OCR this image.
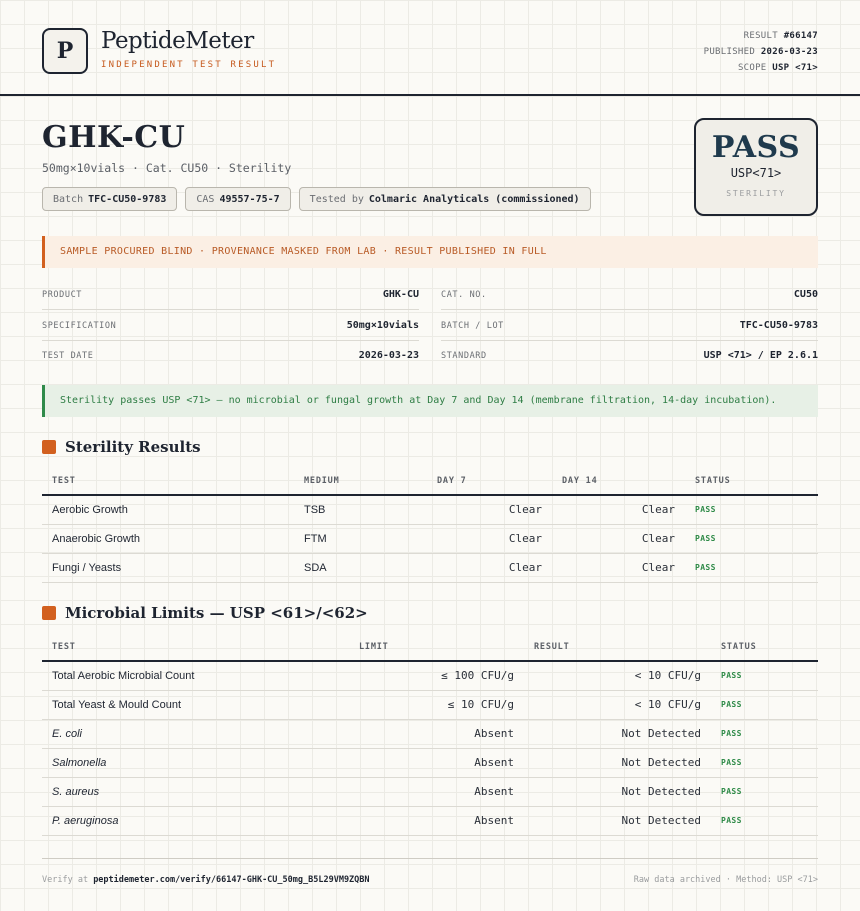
P	PeptideMeter
INDEPENDENT TEST RESULT
RESULT #66147
PUBLISHED 2026-03-23
SCOPE USP <71>
GHK-CU
50mg×10vials · Cat. CU50 · Sterility
Batch TFC-CU50-9783	CAS 49557-75-7	Tested by Colmaric Analyticals (commissioned)
PASS
USP<71>
STERILITY
SAMPLE PROCURED BLIND · PROVENANCE MASKED FROM LAB · RESULT PUBLISHED IN FULL
PRODUCT	GHK-CU	CAT. NO.	CU50
SPECIFICATION	50mg×10vials	BATCH / LOT	TFC-CU50-9783
TEST DATE	2026-03-23	STANDARD	USP <71> / EP 2.6.1
Sterility passes USP <71> — no microbial or fungal growth at Day 7 and Day 14 (membrane filtration, 14-day incubation).
Sterility Results
TEST	MEDIUM	DAY 7	DAY 14	STATUS
Aerobic Growth	TSB	Clear	Clear	PASS
Anaerobic Growth	FTM	Clear	Clear	PASS
Fungi / Yeasts	SDA	Clear	Clear	PASS
Microbial Limits — USP <61>/<62>
TEST	LIMIT	RESULT	STATUS
Total Aerobic Microbial Count	≤ 100 CFU/g	< 10 CFU/g	PASS
Total Yeast & Mould Count	≤ 10 CFU/g	< 10 CFU/g	PASS
E. coli	Absent	Not Detected	PASS
Salmonella	Absent	Not Detected	PASS
S. aureus	Absent	Not Detected	PASS
P. aeruginosa	Absent	Not Detected	PASS
Verify at peptidemeter.com/verify/66147-GHK-CU_50mg_B5L29VM9ZQBN	Raw data archived · Method: USP <71>
